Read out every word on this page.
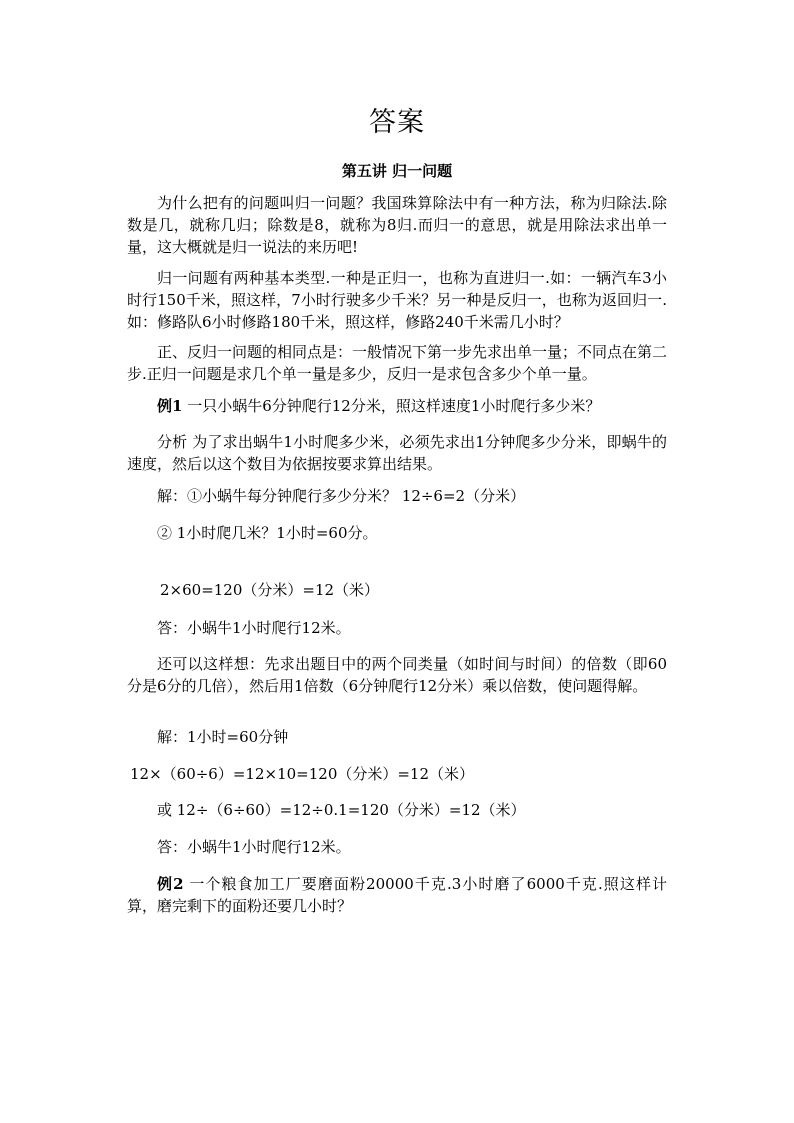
答案
第五讲 归一问题

为什么把有的问题叫归一问题？我国珠算除法中有一种方法，称为归除法.除数是几，就称几归；除数是8，就称为8归.而归一的意思，就是用除法求出单一量，这大概就是归一说法的来历吧!

归一问题有两种基本类型.一种是正归一，也称为直进归一.如：一辆汽车3小时行150千米，照这样，7小时行驶多少千米？另一种是反归一，也称为返回归一.如：修路队6小时修路180千米，照这样，修路240千米需几小时？

正、反归一问题的相同点是：一般情况下第一步先求出单一量；不同点在第二步.正归一问题是求几个单一量是多少，反归一是求包含多少个单一量。

例1 一只小蜗牛6分钟爬行12分米，照这样速度1小时爬行多少米？

分析 为了求出蜗牛1小时爬多少米，必须先求出1分钟爬多少分米，即蜗牛的速度，然后以这个数目为依据按要求算出结果。

解：①小蜗牛每分钟爬行多少分米？ 12÷6=2（分米）

② 1小时爬几米？1小时=60分。

2×60=120（分米）=12（米）

答：小蜗牛1小时爬行12米。

还可以这样想：先求出题目中的两个同类量（如时间与时间）的倍数（即60分是6分的几倍），然后用1倍数（6分钟爬行12分米）乘以倍数，使问题得解。

解：1小时=60分钟

12×（60÷6）=12×10=120（分米）=12（米）

或 12÷（6÷60）=12÷0.1=120（分米）=12（米）

答：小蜗牛1小时爬行12米。

例2 一个粮食加工厂要磨面粉20000千克.3小时磨了6000千克.照这样计算，磨完剩下的面粉还要几小时？
